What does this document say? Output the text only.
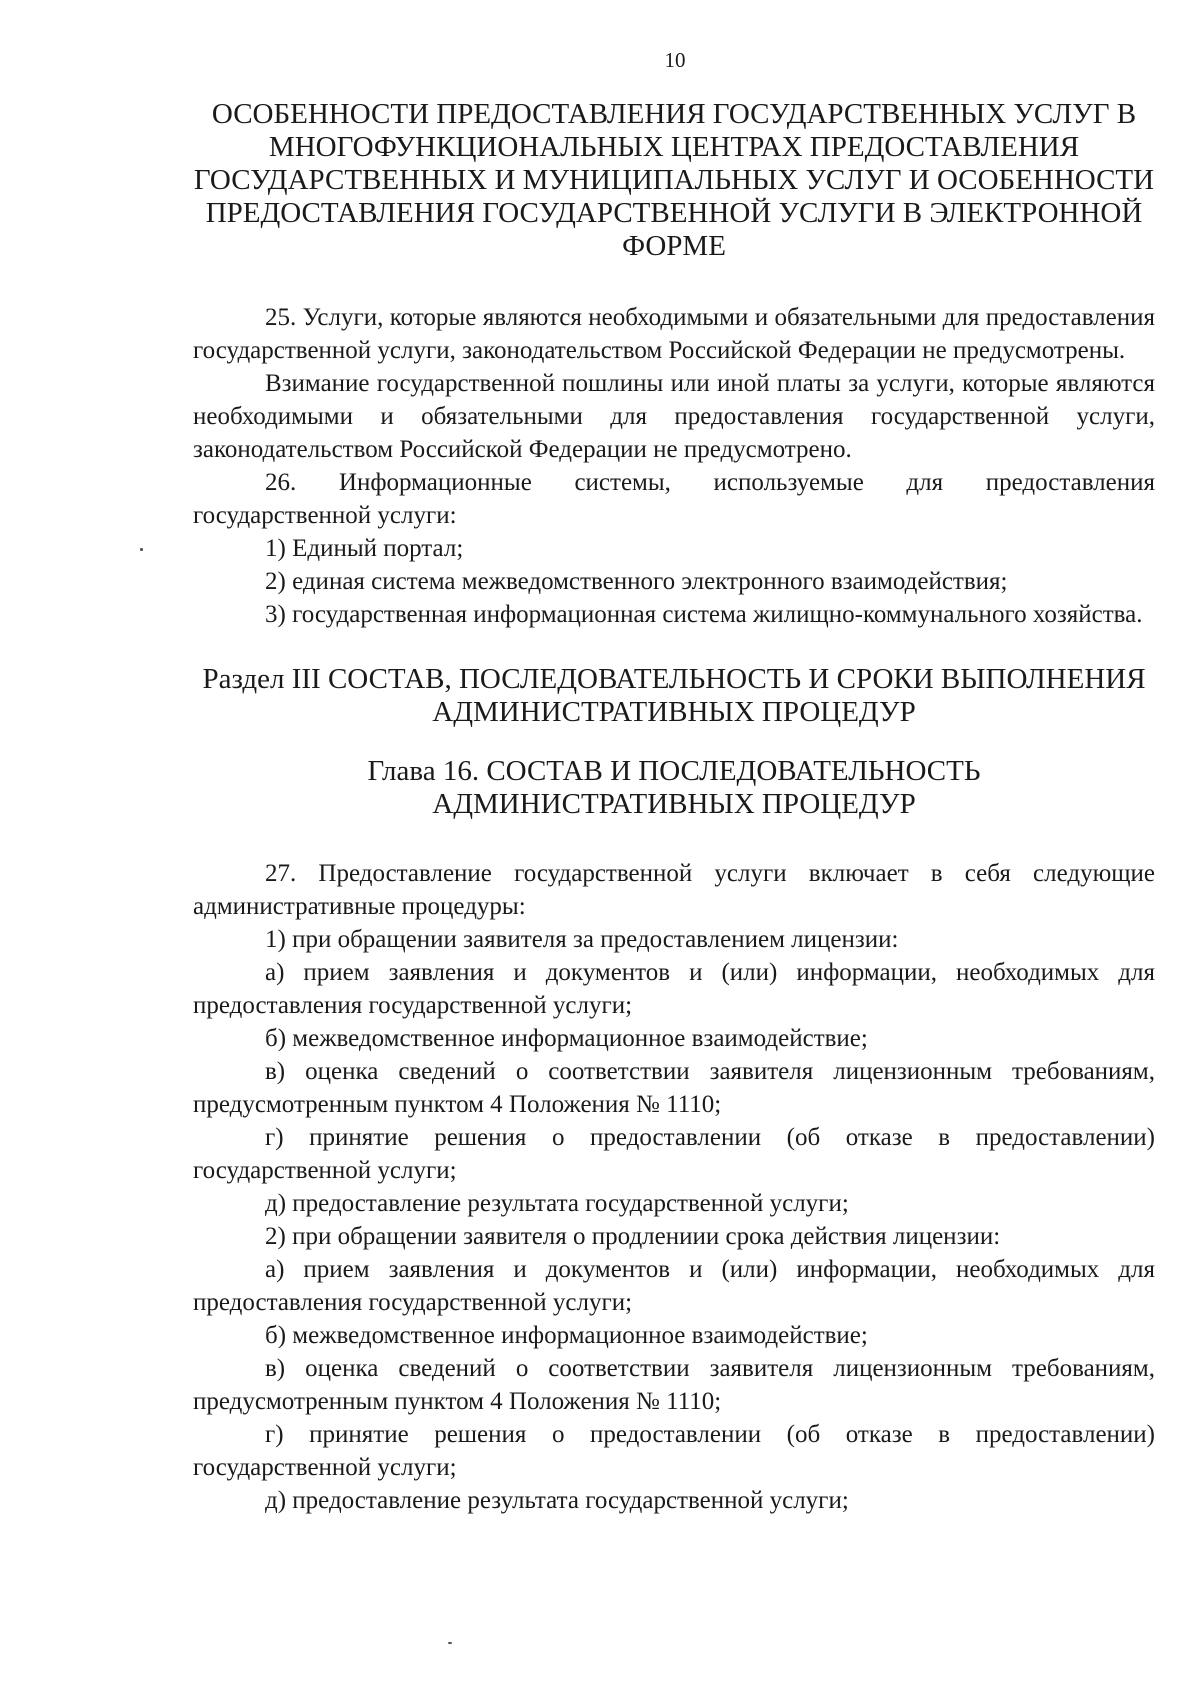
10

ОСОБЕННОСТИ ПРЕДОСТАВЛЕНИЯ ГОСУДАРСТВЕННЫХ УСЛУГ В
МНОГОФУНКЦИОНАЛЬНЫХ ЦЕНТРАХ ПРЕДОСТАВЛЕНИЯ
ГОСУДАРСТВЕННЫХ И МУНИЦИПАЛЬНЫХ УСЛУГ И ОСОБЕННОСТИ
ПРЕДОСТАВЛЕНИЯ ГОСУДАРСТВЕННОЙ УСЛУГИ В ЭЛЕКТРОННОЙ
ФОРМЕ

25. Услуги, которые являются необходимыми и обязательными для предоставления государственной услуги, законодательством Российской Федерации не предусмотрены.

Взимание государственной пошлины или иной платы за услуги, которые являются необходимыми и обязательными для предоставления государственной услуги, законодательством Российской Федерации не предусмотрено.

26. Информационные системы, используемые для предоставления государственной услуги:

1) Единый портал;

2) единая система межведомственного электронного взаимодействия;

3) государственная информационная система жилищно-коммунального хозяйства.

Раздел III СОСТАВ, ПОСЛЕДОВАТЕЛЬНОСТЬ И СРОКИ ВЫПОЛНЕНИЯ
АДМИНИСТРАТИВНЫХ ПРОЦЕДУР
Глава 16. СОСТАВ И ПОСЛЕДОВАТЕЛЬНОСТЬ
АДМИНИСТРАТИВНЫХ ПРОЦЕДУР

27. Предоставление государственной услуги включает в себя следующие административные процедуры:

1) при обращении заявителя за предоставлением лицензии:

а) прием заявления и документов и (или) информации, необходимых для предоставления государственной услуги;

б) межведомственное информационное взаимодействие;

в) оценка сведений о соответствии заявителя лицензионным требованиям, предусмотренным пунктом 4 Положения № 1110;

г) принятие решения о предоставлении (об отказе в предоставлении) государственной услуги;

д) предоставление результата государственной услуги;

2) при обращении заявителя о продлениии срока действия лицензии:

а) прием заявления и документов и (или) информации, необходимых для предоставления государственной услуги;

б) межведомственное информационное взаимодействие;

в) оценка сведений о соответствии заявителя лицензионным требованиям, предусмотренным пунктом 4 Положения № 1110;

г) принятие решения о предоставлении (об отказе в предоставлении) государственной услуги;

д) предоставление результата государственной услуги;
